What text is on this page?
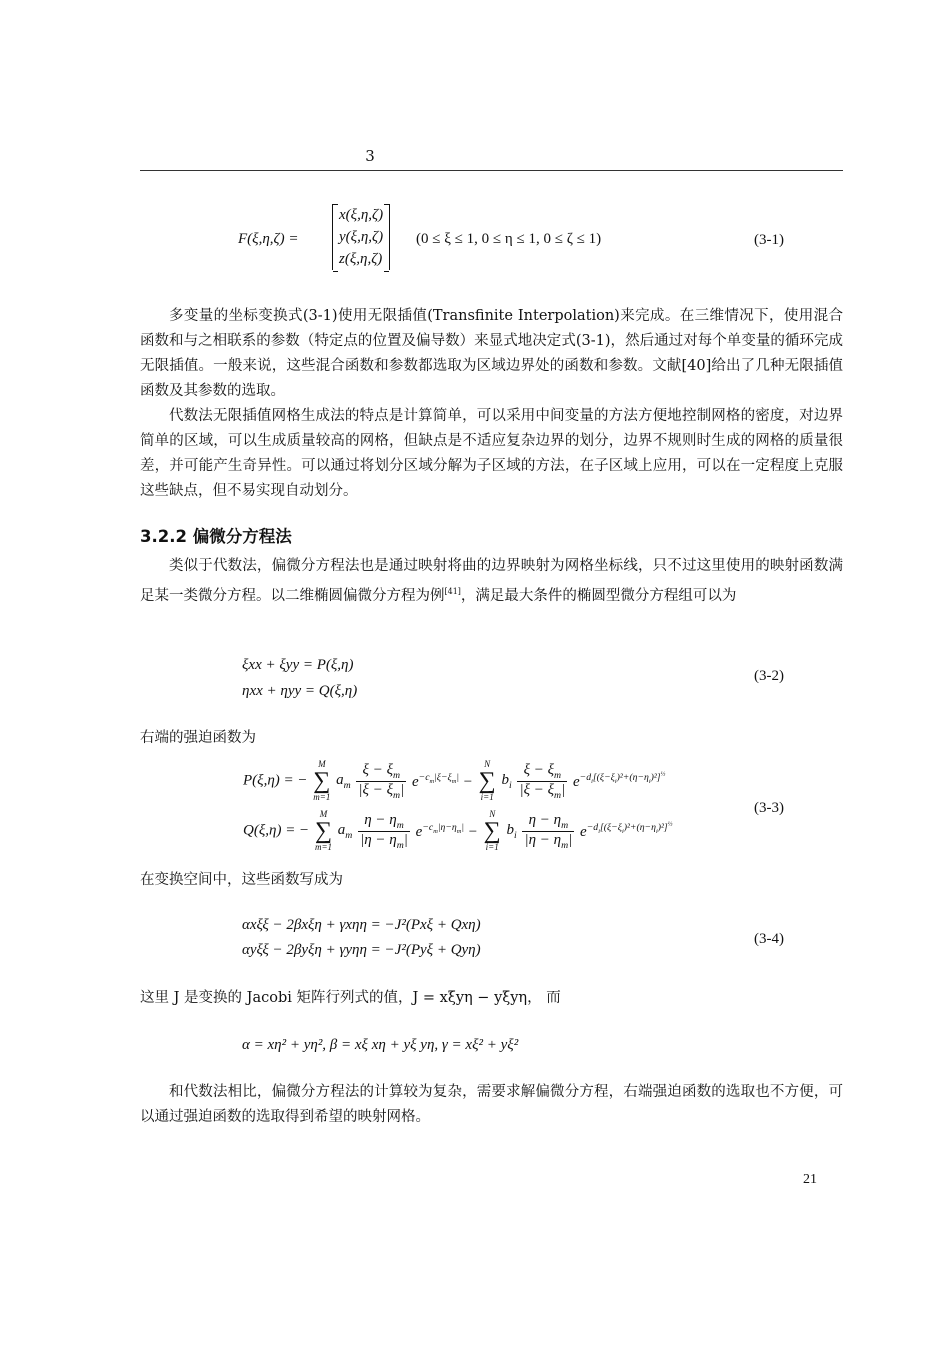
3
F(ξ,η,ζ) =
x(ξ,η,ζ)
y(ξ,η,ζ)
z(ξ,η,ζ)
(0 ≤ ξ ≤ 1, 0 ≤ η ≤ 1, 0 ≤ ζ ≤ 1)	(3-1)

多变量的坐标变换式(3-1)使用无限插值(Transfinite Interpolation)来完成。在三维情况下，使用混合函数和与之相联系的参数（特定点的位置及偏导数）来显式地决定式(3-1)，然后通过对每个单变量的循环完成无限插值。一般来说，这些混合函数和参数都选取为区域边界处的函数和参数。文献[40]给出了几种无限插值函数及其参数的选取。

代数法无限插值网格生成法的特点是计算简单，可以采用中间变量的方法方便地控制网格的密度，对边界简单的区域，可以生成质量较高的网格，但缺点是不适应复杂边界的划分，边界不规则时生成的网格的质量很差，并可能产生奇异性。可以通过将划分区域分解为子区域的方法，在子区域上应用，可以在一定程度上克服这些缺点，但不易实现自动划分。

3.2.2 偏微分方程法

类似于代数法，偏微分方程法也是通过映射将曲的边界映射为网格坐标线，只不过这里使用的映射函数满足某一类微分方程。以二维椭圆偏微分方程为例[41]，满足最大条件的椭圆型微分方程组可以为

ξxx + ξyy = P(ξ,η)
ηxx + ηyy = Q(ξ,η)
(3-2)

右端的强迫函数为

P(ξ,η) = −
M
∑
m=1
$a_m \frac{\xi - \xi_m}{|\xi - \xi_m|} e^{-c_m|\xi-\xi_m|}$ −
N
∑
i=1
$b_i \frac{\xi - \xi_m}{|\xi - \xi_m|} e^{-d_i[(\xi-\xi_i)^2+(\eta-\eta_i)^2]^{\frac{1}{2}}}$
Q(ξ,η) = −
M
∑
m=1
$a_m \frac{\eta - \eta_m}{|\eta - \eta_m|} e^{-c_m|\eta-\eta_m|}$ −
N
∑
i=1
$b_i \frac{\eta - \eta_m}{|\eta - \eta_m|} e^{-d_i[(\xi-\xi_i)^2+(\eta-\eta_i)^2]^{\frac{1}{2}}}$
(3-3)

在变换空间中，这些函数写成为

αxξξ − 2βxξη + γxηη = −J²(Pxξ + Qxη)
αyξξ − 2βyξη + γyηη = −J²(Pyξ + Qyη)
(3-4)

这里 J 是变换的 Jacobi 矩阵行列式的值，J = xξyη − yξyη， 而

α = xη² + yη², β = xξ xη + yξ yη, γ = xξ² + yξ²

和代数法相比，偏微分方程法的计算较为复杂，需要求解偏微分方程，右端强迫函数的选取也不方便，可以通过强迫函数的选取得到希望的映射网格。

21
